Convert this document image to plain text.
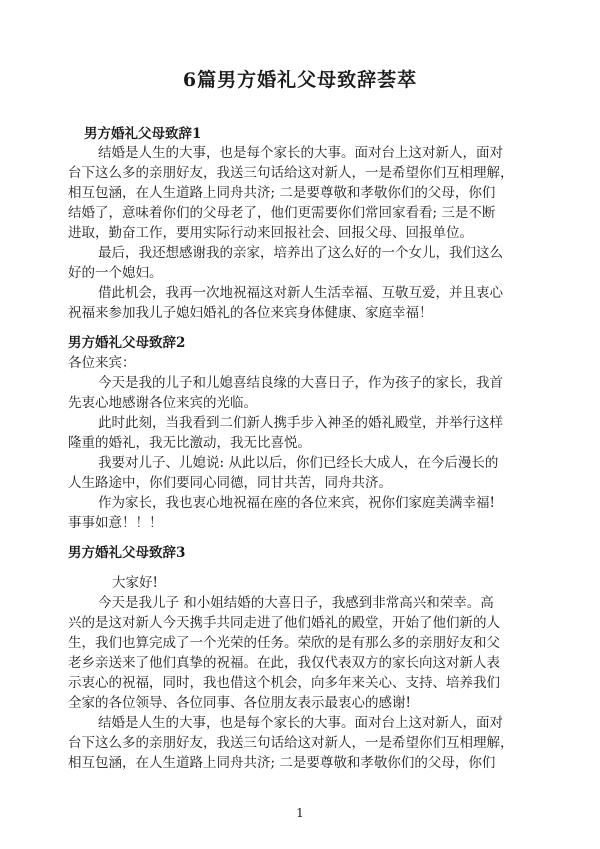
6篇男方婚礼父母致辞荟萃
男方婚礼父母致辞1
结婚是人生的大事，也是每个家长的大事。面对台上这对新人，面对
台下这么多的亲朋好友，我送三句话给这对新人，一是希望你们互相理解，
相互包涵，在人生道路上同舟共济; 二是要尊敬和孝敬你们的父母，你们
结婚了，意味着你们的父母老了，他们更需要你们常回家看看; 三是不断
进取，勤奋工作，要用实际行动来回报社会、回报父母、回报单位。
最后，我还想感谢我的亲家，培养出了这么好的一个女儿，我们这么
好的一个媳妇。
借此机会，我再一次地祝福这对新人生活幸福、互敬互爱，并且衷心
祝福来参加我儿子媳妇婚礼的各位来宾身体健康、家庭幸福！
男方婚礼父母致辞2
各位来宾：
今天是我的儿子和儿媳喜结良缘的大喜日子，作为孩子的家长，我首
先衷心地感谢各位来宾的光临。
此时此刻，当我看到二们新人携手步入神圣的婚礼殿堂，并举行这样
隆重的婚礼，我无比激动，我无比喜悦。
我要对儿子、儿媳说: 从此以后，你们已经长大成人，在今后漫长的
人生路途中，你们要同心同德，同甘共苦，同舟共济。
作为家长，我也衷心地祝福在座的各位来宾，祝你们家庭美满幸福!
事事如意！！！
男方婚礼父母致辞3
大家好!
今天是我儿子 和小姐结婚的大喜日子，我感到非常高兴和荣幸。高
兴的是这对新人今天携手共同走进了他们婚礼的殿堂，开始了他们新的人
生，我们也算完成了一个光荣的任务。荣欣的是有那么多的亲朋好友和父
老乡亲送来了他们真挚的祝福。在此，我仅代表双方的家长向这对新人表
示衷心的祝福，同时，我也借这个机会，向多年来关心、支持、培养我们
全家的各位领导、各位同事、各位朋友表示最衷心的感谢!
结婚是人生的大事，也是每个家长的大事。面对台上这对新人，面对
台下这么多的亲朋好友，我送三句话给这对新人，一是希望你们互相理解，
相互包涵，在人生道路上同舟共济; 二是要尊敬和孝敬你们的父母，你们
1
